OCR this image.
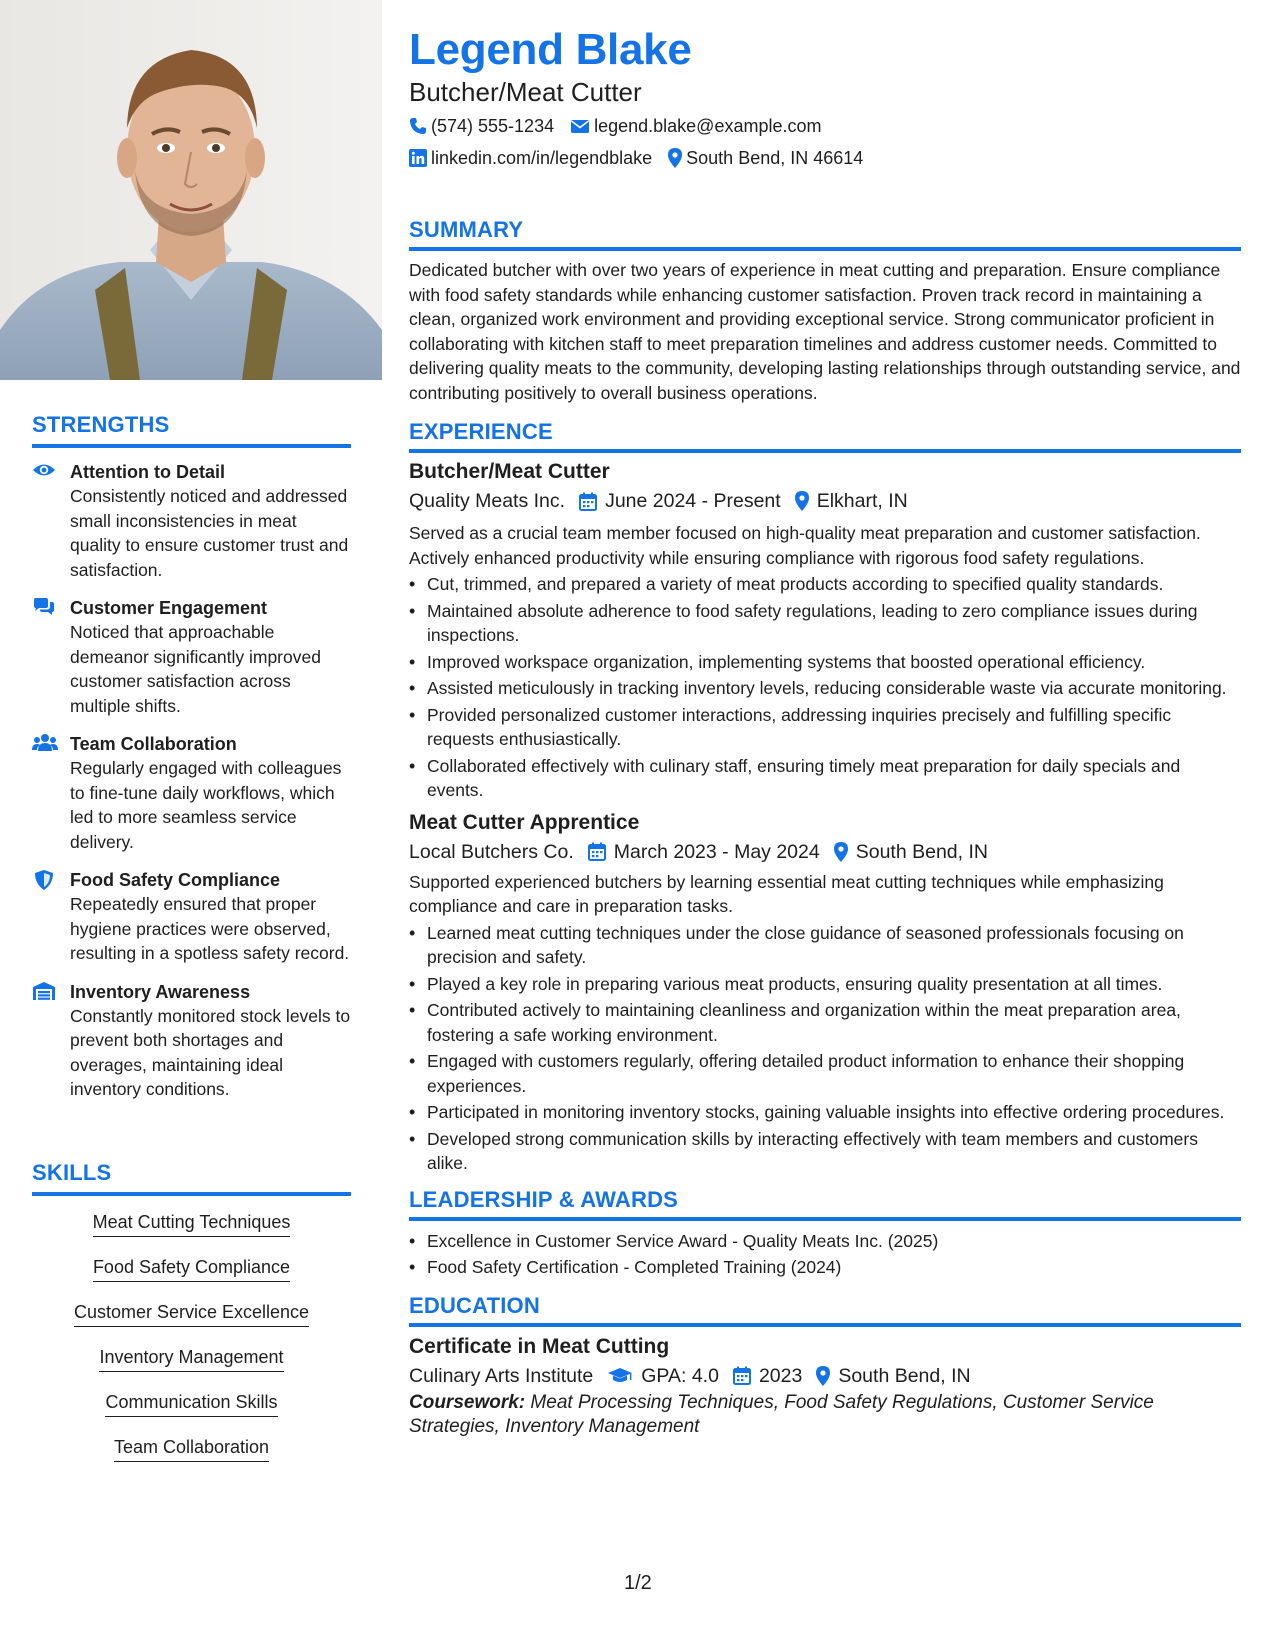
STRENGTHS
Attention to Detail
Consistently noticed and addressed small inconsistencies in meat quality to ensure customer trust and satisfaction.
Customer Engagement
Noticed that approachable demeanor significantly improved customer satisfaction across multiple shifts.
Team Collaboration
Regularly engaged with colleagues to fine-tune daily workflows, which led to more seamless service delivery.
Food Safety Compliance
Repeatedly ensured that proper hygiene practices were observed, resulting in a spotless safety record.
Inventory Awareness
Constantly monitored stock levels to prevent both shortages and overages, maintaining ideal inventory conditions.
SKILLS
Meat Cutting Techniques
Food Safety Compliance
Customer Service Excellence
Inventory Management
Communication Skills
Team Collaboration
Legend Blake
Butcher/Meat Cutter
(574) 555-1234 legend.blake@example.com
linkedin.com/in/legendblake South Bend, IN 46614
SUMMARY
Dedicated butcher with over two years of experience in meat cutting and preparation. Ensure compliance with food safety standards while enhancing customer satisfaction. Proven track record in maintaining a clean, organized work environment and providing exceptional service. Strong communicator proficient in collaborating with kitchen staff to meet preparation timelines and address customer needs. Committed to delivering quality meats to the community, developing lasting relationships through outstanding service, and contributing positively to overall business operations.
EXPERIENCE
Butcher/Meat Cutter
Quality Meats Inc. June 2024 - Present Elkhart, IN
Served as a crucial team member focused on high-quality meat preparation and customer satisfaction. Actively enhanced productivity while ensuring compliance with rigorous food safety regulations.
• Cut, trimmed, and prepared a variety of meat products according to specified quality standards.
• Maintained absolute adherence to food safety regulations, leading to zero compliance issues during inspections.
• Improved workspace organization, implementing systems that boosted operational efficiency.
• Assisted meticulously in tracking inventory levels, reducing considerable waste via accurate monitoring.
• Provided personalized customer interactions, addressing inquiries precisely and fulfilling specific requests enthusiastically.
• Collaborated effectively with culinary staff, ensuring timely meat preparation for daily specials and events.
Meat Cutter Apprentice
Local Butchers Co. March 2023 - May 2024 South Bend, IN
Supported experienced butchers by learning essential meat cutting techniques while emphasizing compliance and care in preparation tasks.
• Learned meat cutting techniques under the close guidance of seasoned professionals focusing on precision and safety.
• Played a key role in preparing various meat products, ensuring quality presentation at all times.
• Contributed actively to maintaining cleanliness and organization within the meat preparation area, fostering a safe working environment.
• Engaged with customers regularly, offering detailed product information to enhance their shopping experiences.
• Participated in monitoring inventory stocks, gaining valuable insights into effective ordering procedures.
• Developed strong communication skills by interacting effectively with team members and customers alike.
LEADERSHIP & AWARDS
• Excellence in Customer Service Award - Quality Meats Inc. (2025)
• Food Safety Certification - Completed Training (2024)
EDUCATION
Certificate in Meat Cutting
Culinary Arts Institute GPA: 4.0 2023 South Bend, IN
Coursework: Meat Processing Techniques, Food Safety Regulations, Customer Service Strategies, Inventory Management
1/2
